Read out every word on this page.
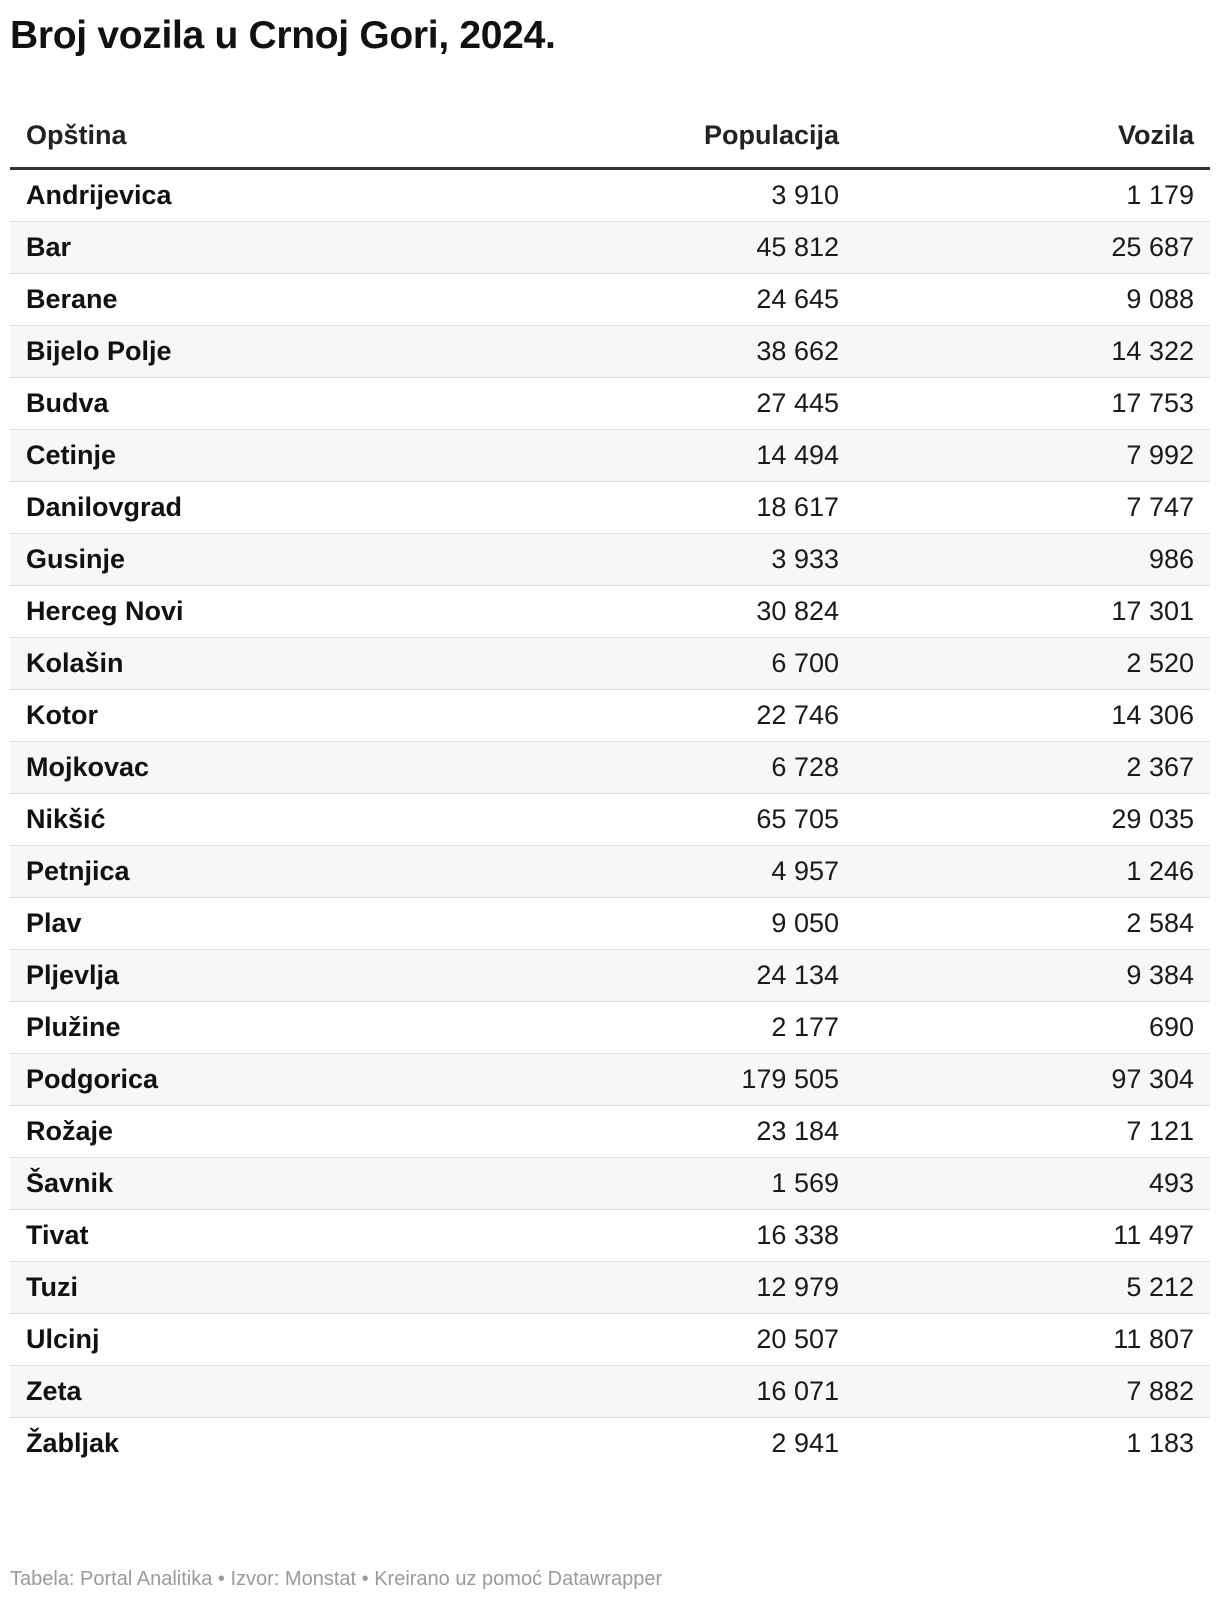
Broj vozila u Crnoj Gori, 2024.
Opština	Populacija	Vozila
Andrijevica	3 910	1 179
Bar	45 812	25 687
Berane	24 645	9 088
Bijelo Polje	38 662	14 322
Budva	27 445	17 753
Cetinje	14 494	7 992
Danilovgrad	18 617	7 747
Gusinje	3 933	986
Herceg Novi	30 824	17 301
Kolašin	6 700	2 520
Kotor	22 746	14 306
Mojkovac	6 728	2 367
Nikšić	65 705	29 035
Petnjica	4 957	1 246
Plav	9 050	2 584
Pljevlja	24 134	9 384
Plužine	2 177	690
Podgorica	179 505	97 304
Rožaje	23 184	7 121
Šavnik	1 569	493
Tivat	16 338	11 497
Tuzi	12 979	5 212
Ulcinj	20 507	11 807
Zeta	16 071	7 882
Žabljak	2 941	1 183
Tabela: Portal Analitika • Izvor: Monstat • Kreirano uz pomoć Datawrapper
